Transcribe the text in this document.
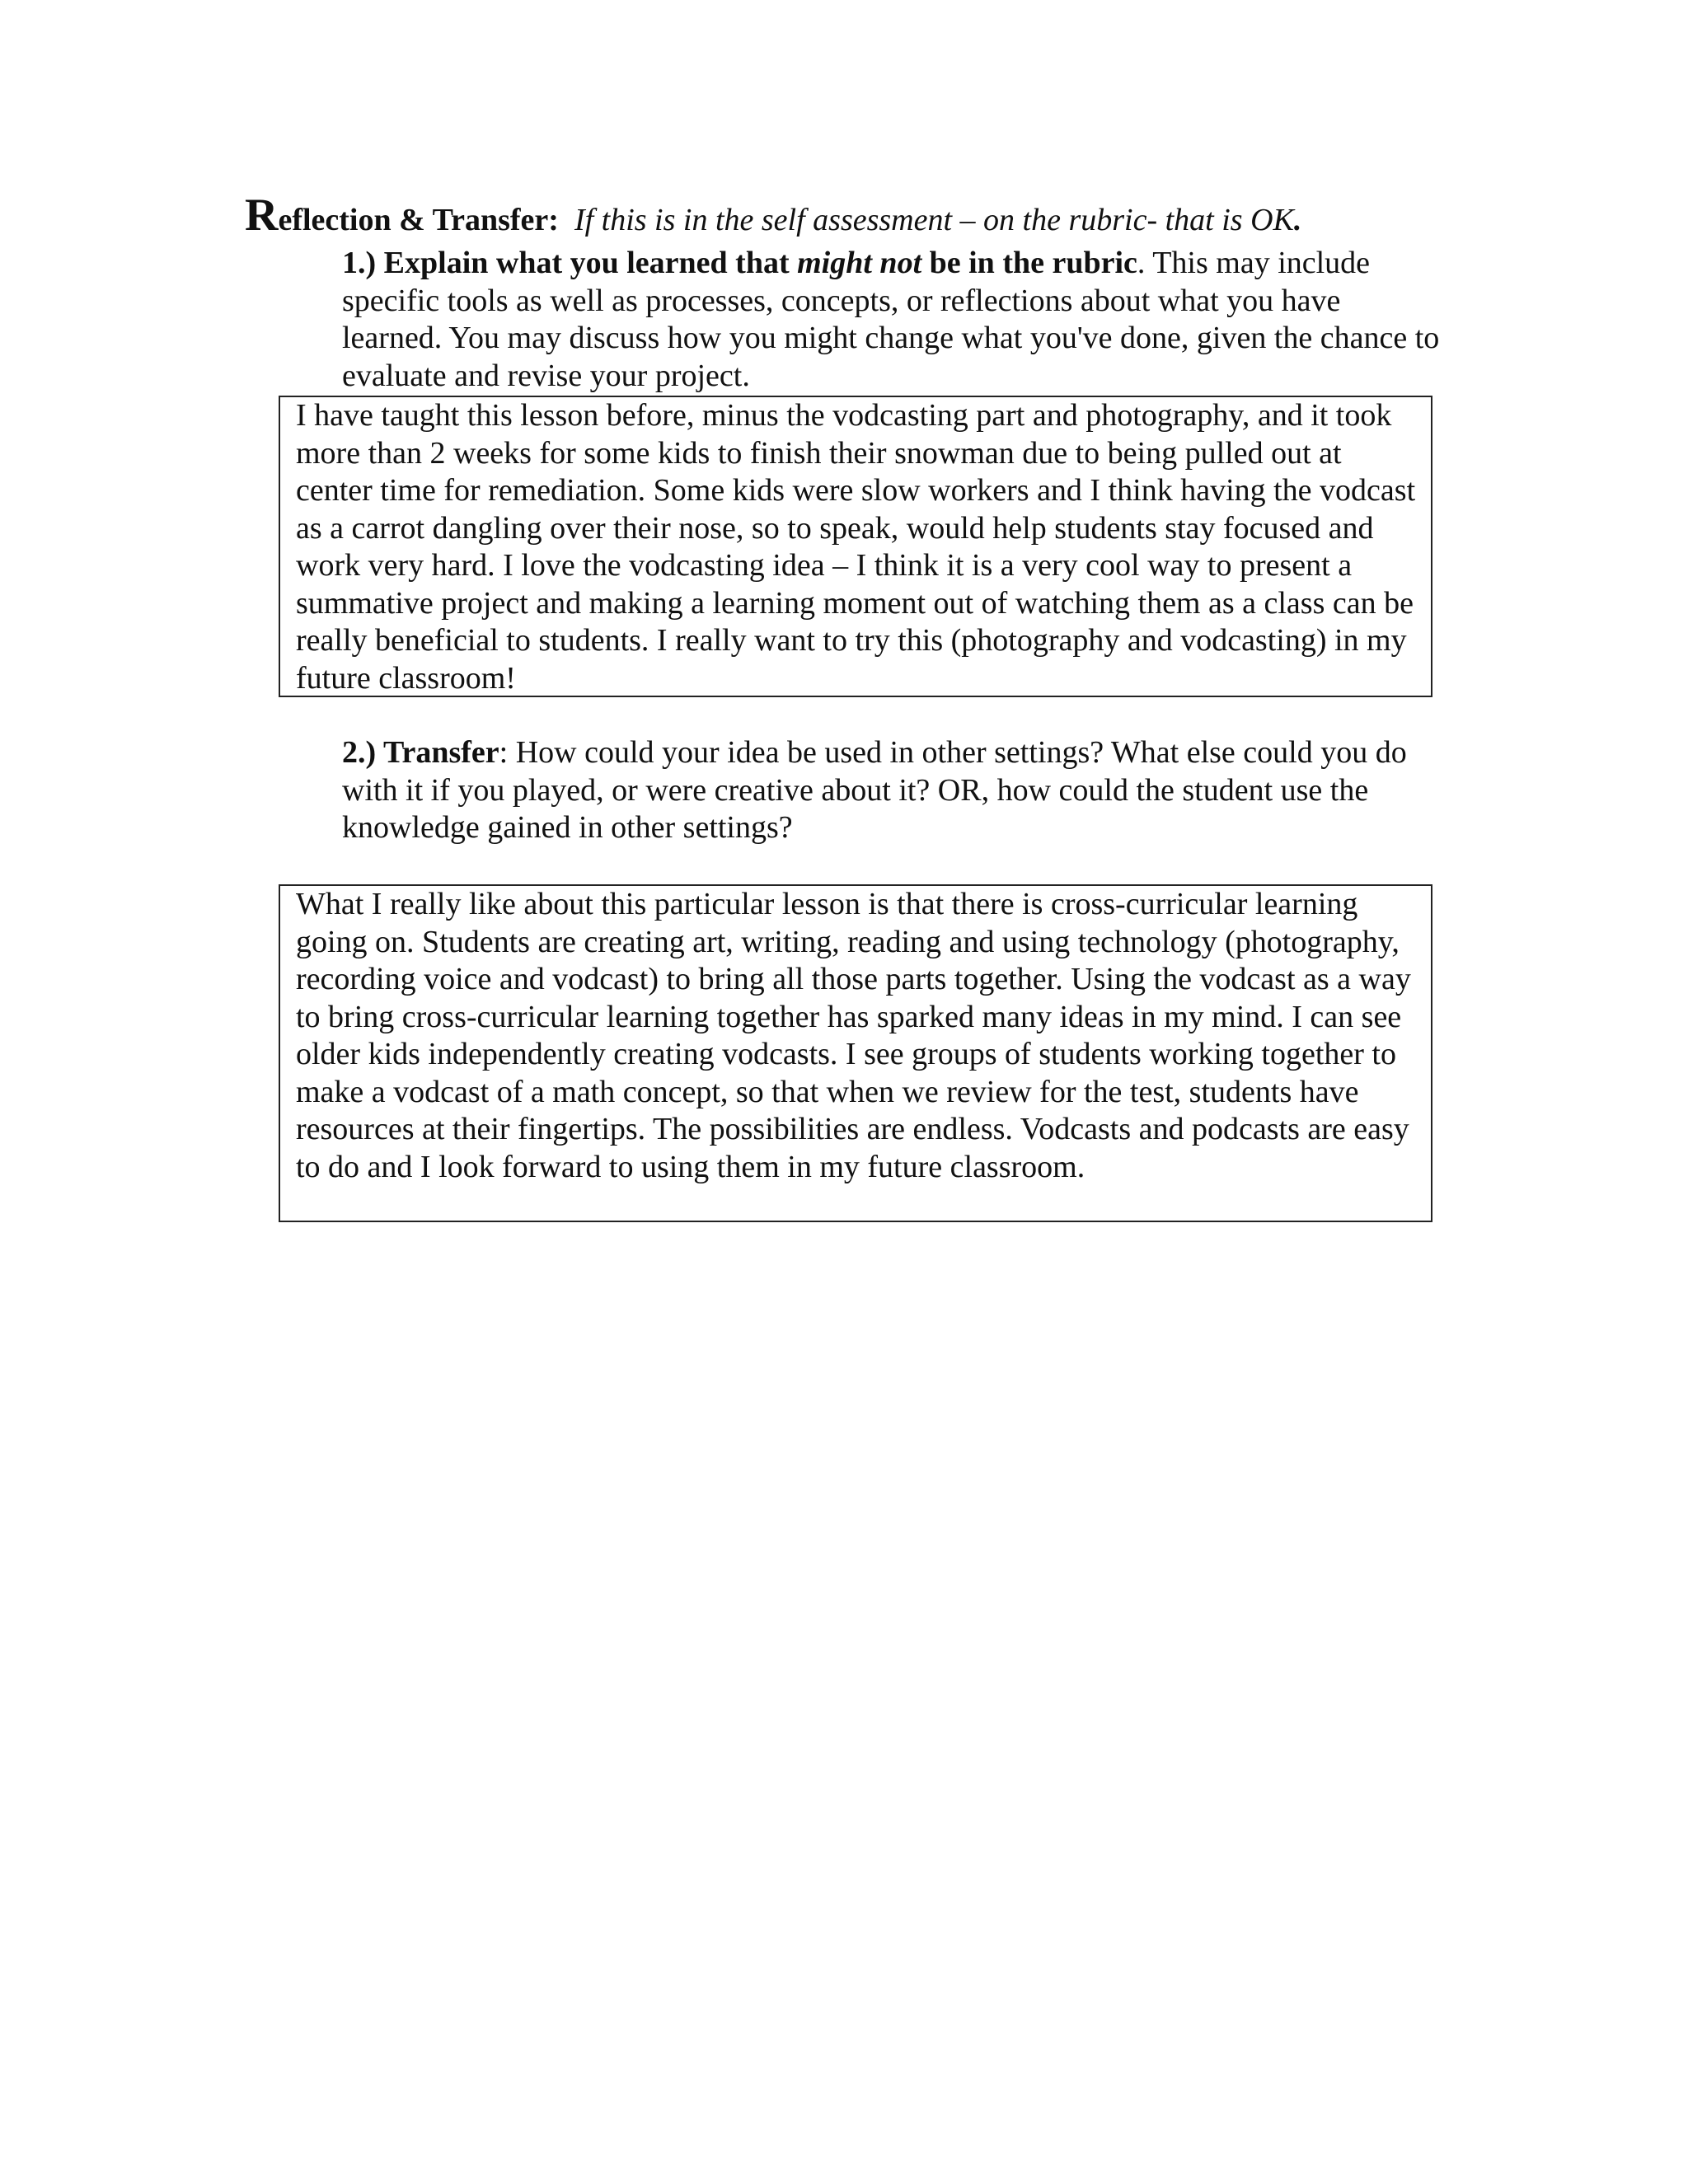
Reflection & Transfer: If this is in the self assessment – on the rubric- that is OK.
1.) Explain what you learned that might not be in the rubric. This may include specific tools as well as processes, concepts, or reflections about what you have learned. You may discuss how you might change what you've done, given the chance to evaluate and revise your project.
I have taught this lesson before, minus the vodcasting part and photography, and it took more than 2 weeks for some kids to finish their snowman due to being pulled out at center time for remediation. Some kids were slow workers and I think having the vodcast as a carrot dangling over their nose, so to speak, would help students stay focused and work very hard. I love the vodcasting idea – I think it is a very cool way to present a summative project and making a learning moment out of watching them as a class can be really beneficial to students. I really want to try this (photography and vodcasting) in my future classroom!
2.) Transfer: How could your idea be used in other settings? What else could you do with it if you played, or were creative about it? OR, how could the student use the knowledge gained in other settings?
What I really like about this particular lesson is that there is cross-curricular learning going on. Students are creating art, writing, reading and using technology (photography, recording voice and vodcast) to bring all those parts together. Using the vodcast as a way to bring cross-curricular learning together has sparked many ideas in my mind. I can see older kids independently creating vodcasts. I see groups of students working together to make a vodcast of a math concept, so that when we review for the test, students have resources at their fingertips. The possibilities are endless. Vodcasts and podcasts are easy to do and I look forward to using them in my future classroom.
